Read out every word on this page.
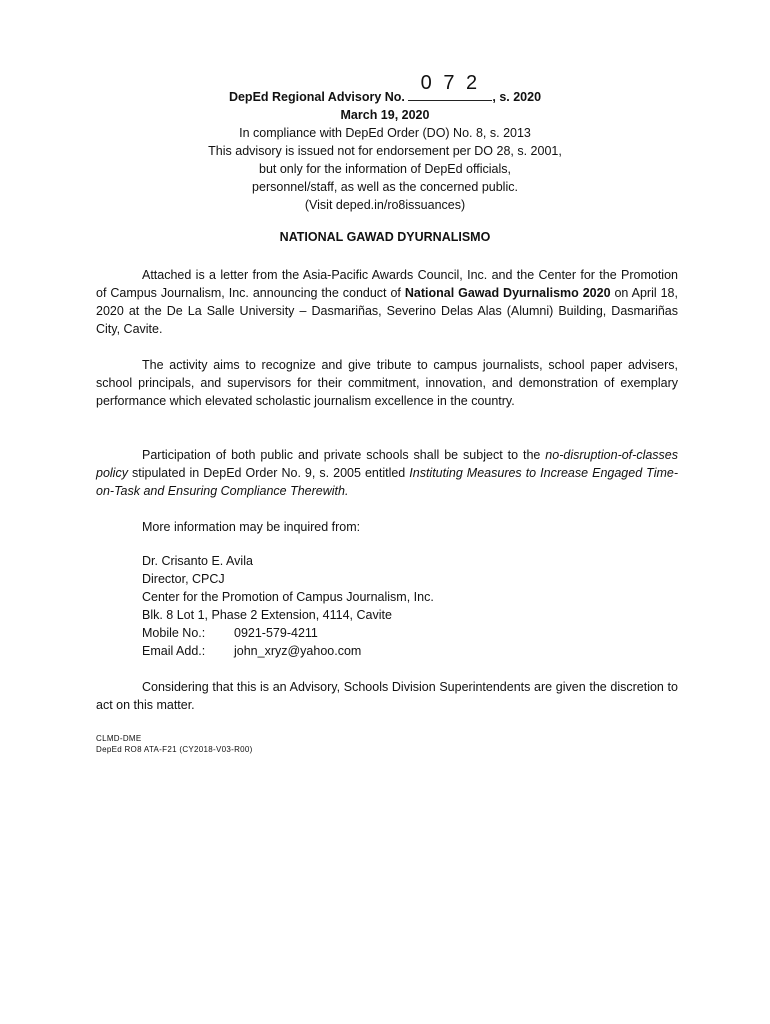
DepEd Regional Advisory No.
0 7 2
, s. 2020
March 19, 2020
In compliance with DepEd Order (DO) No. 8, s. 2013
This advisory is issued not for endorsement per DO 28, s. 2001,
but only for the information of DepEd officials,
personnel/staff, as well as the concerned public.
(Visit deped.in/ro8issuances)
NATIONAL GAWAD DYURNALISMO
Attached is a letter from the Asia-Pacific Awards Council, Inc. and the Center for the Promotion of Campus Journalism, Inc. announcing the conduct of National Gawad Dyurnalismo 2020 on April 18, 2020 at the De La Salle University – Dasmariñas, Severino Delas Alas (Alumni) Building, Dasmariñas City, Cavite.
The activity aims to recognize and give tribute to campus journalists, school paper advisers, school principals, and supervisors for their commitment, innovation, and demonstration of exemplary performance which elevated scholastic journalism excellence in the country.
Participation of both public and private schools shall be subject to the no-disruption-of-classes policy stipulated in DepEd Order No. 9, s. 2005 entitled Instituting Measures to Increase Engaged Time-on-Task and Ensuring Compliance Therewith.
More information may be inquired from:
Dr. Crisanto E. Avila
Director, CPCJ
Center for the Promotion of Campus Journalism, Inc.
Blk. 8 Lot 1, Phase 2 Extension, 4114, Cavite
Mobile No.: 0921-579-4211
Email Add.: john_xryz@yahoo.com
Considering that this is an Advisory, Schools Division Superintendents are given the discretion to act on this matter.
CLMD-DME
DepEd RO8 ATA-F21 (CY2018-V03-R00)
